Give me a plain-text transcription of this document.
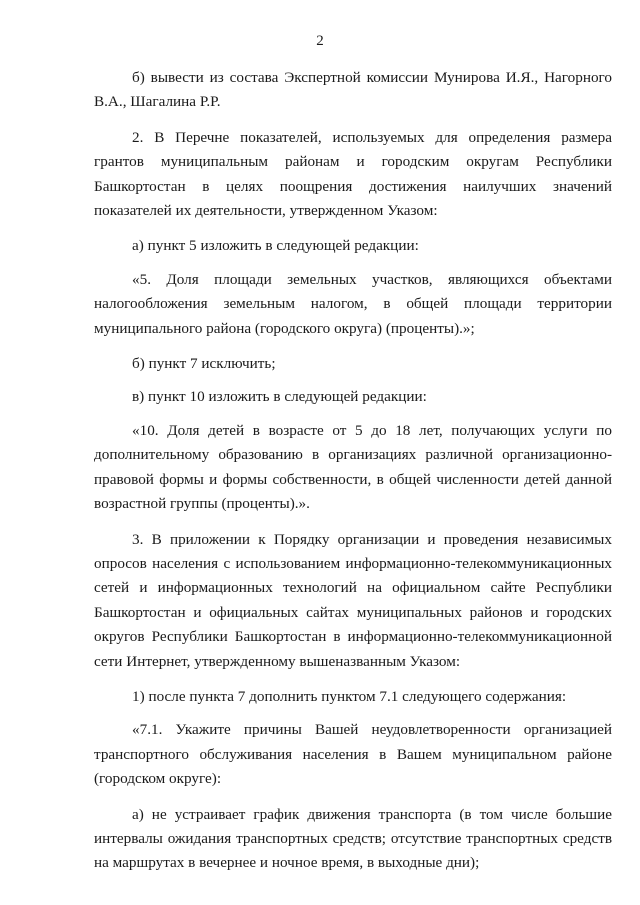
2

б) вывести из состава Экспертной комиссии Мунирова И.Я., Нагорного В.А., Шагалина Р.Р.

2. В Перечне показателей, используемых для определения размера грантов муниципальным районам и городским округам Республики Башкортостан в целях поощрения достижения наилучших значений показателей их деятельности, утвержденном Указом:

а) пункт 5 изложить в следующей редакции:

«5. Доля площади земельных участков, являющихся объектами налогообложения земельным налогом, в общей площади территории муниципального района (городского округа) (проценты).»;

б) пункт 7 исключить;

в) пункт 10 изложить в следующей редакции:

«10. Доля детей в возрасте от 5 до 18 лет, получающих услуги по дополнительному образованию в организациях различной организационно-правовой формы и формы собственности, в общей численности детей данной возрастной группы (проценты).».

3. В приложении к Порядку организации и проведения независимых опросов населения с использованием информационно-телекоммуникационных сетей и информационных технологий на официальном сайте Республики Башкортостан и официальных сайтах муниципальных районов и городских округов Республики Башкортостан в информационно-телекоммуникационной сети Интернет, утвержденному вышеназванным Указом:

1) после пункта 7 дополнить пунктом 7.1 следующего содержания:

«7.1. Укажите причины Вашей неудовлетворенности организацией транспортного обслуживания населения в Вашем муниципальном районе (городском округе):

а) не устраивает график движения транспорта (в том числе большие интервалы ожидания транспортных средств; отсутствие транспортных средств на маршрутах в вечернее и ночное время, в выходные дни);
